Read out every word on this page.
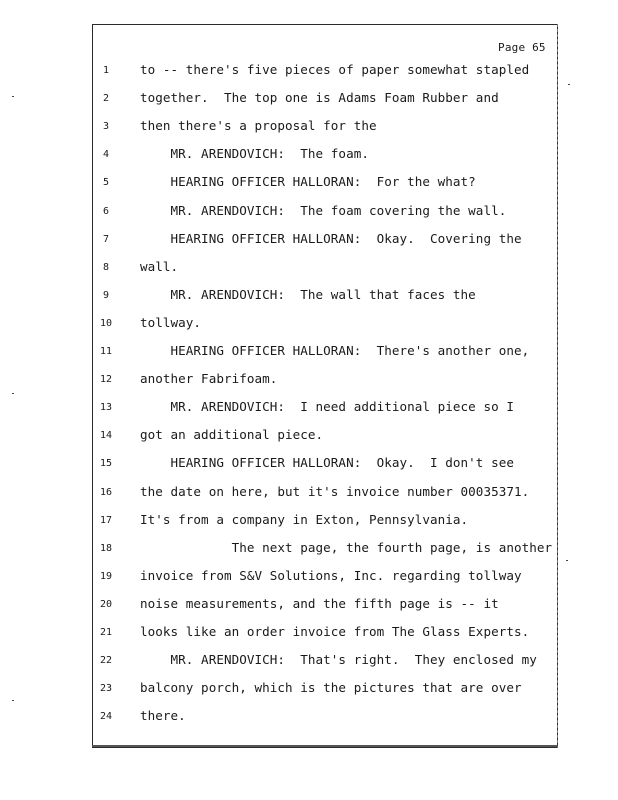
Page 65
1	to -- there's five pieces of paper somewhat stapled
2	together.  The top one is Adams Foam Rubber and
3	then there's a proposal for the
4	MR. ARENDOVICH:  The foam.
5	HEARING OFFICER HALLORAN:  For the what?
6	MR. ARENDOVICH:  The foam covering the wall.
7	HEARING OFFICER HALLORAN:  Okay.  Covering the
8	wall.
9	MR. ARENDOVICH:  The wall that faces the
10	tollway.
11	HEARING OFFICER HALLORAN:  There's another one,
12	another Fabrifoam.
13	MR. ARENDOVICH:  I need additional piece so I
14	got an additional piece.
15	HEARING OFFICER HALLORAN:  Okay.  I don't see
16	the date on here, but it's invoice number 00035371.
17	It's from a company in Exton, Pennsylvania.
18	The next page, the fourth page, is another
19	invoice from S&V Solutions, Inc. regarding tollway
20	noise measurements, and the fifth page is -- it
21	looks like an order invoice from The Glass Experts.
22	MR. ARENDOVICH:  That's right.  They enclosed my
23	balcony porch, which is the pictures that are over
24	there.
